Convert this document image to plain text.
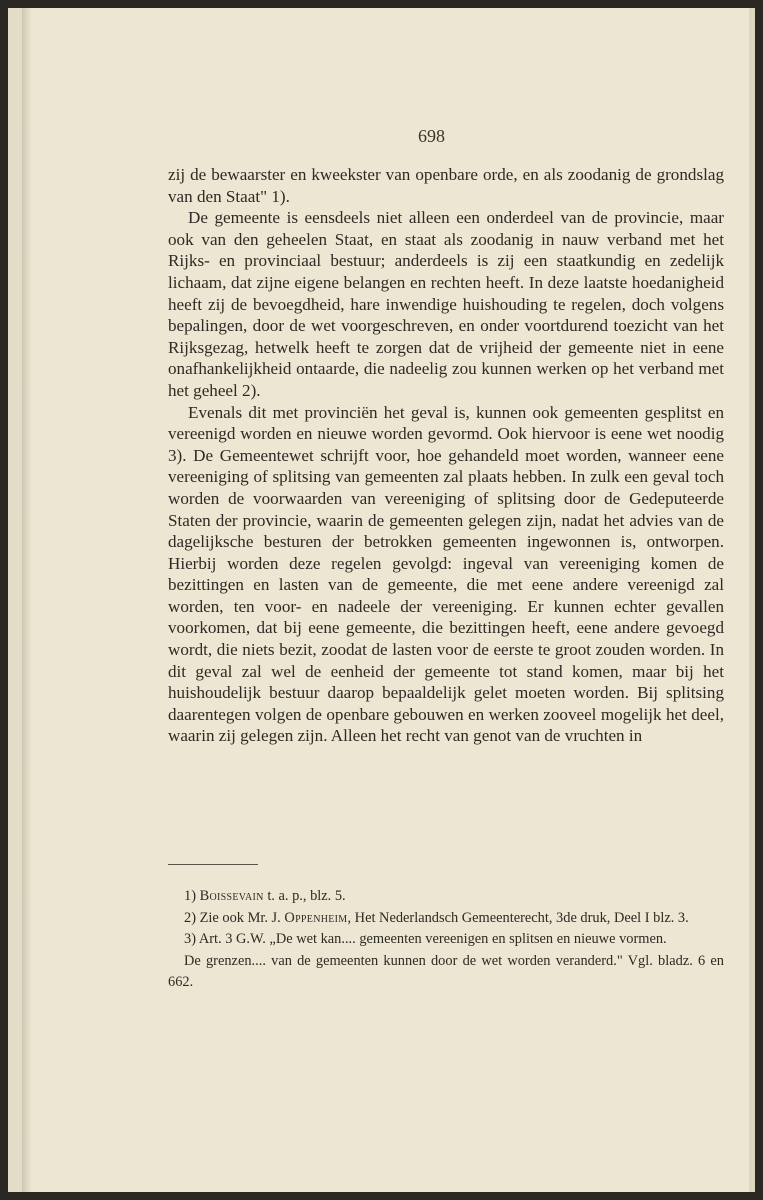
698

zij de bewaarster en kweekster van openbare orde, en als zoodanig de grondslag van den Staat" 1).

De gemeente is eensdeels niet alleen een onderdeel van de provincie, maar ook van den geheelen Staat, en staat als zoodanig in nauw verband met het Rijks- en provinciaal bestuur; anderdeels is zij een staatkundig en zedelijk lichaam, dat zijne eigene belangen en rechten heeft. In deze laatste hoedanigheid heeft zij de bevoegdheid, hare inwendige huishouding te regelen, doch volgens bepalingen, door de wet voorgeschreven, en onder voortdurend toezicht van het Rijksgezag, hetwelk heeft te zorgen dat de vrijheid der gemeente niet in eene onafhankelijkheid ontaarde, die nadeelig zou kunnen werken op het verband met het geheel 2).

Evenals dit met provinciën het geval is, kunnen ook gemeenten gesplitst en vereenigd worden en nieuwe worden gevormd. Ook hiervoor is eene wet noodig 3). De Gemeentewet schrijft voor, hoe gehandeld moet worden, wanneer eene vereeniging of splitsing van gemeenten zal plaats hebben. In zulk een geval toch worden de voorwaarden van vereeniging of splitsing door de Gedeputeerde Staten der provincie, waarin de gemeenten gelegen zijn, nadat het advies van de dagelijksche besturen der betrokken gemeenten ingewonnen is, ontworpen. Hierbij worden deze regelen gevolgd: ingeval van vereeniging komen de bezittingen en lasten van de gemeente, die met eene andere vereenigd zal worden, ten voor- en nadeele der vereeniging. Er kunnen echter gevallen voorkomen, dat bij eene gemeente, die bezittingen heeft, eene andere gevoegd wordt, die niets bezit, zoodat de lasten voor de eerste te groot zouden worden. In dit geval zal wel de eenheid der gemeente tot stand komen, maar bij het huishoudelijk bestuur daarop bepaaldelijk gelet moeten worden. Bij splitsing daarentegen volgen de openbare gebouwen en werken zooveel mogelijk het deel, waarin zij gelegen zijn. Alleen het recht van genot van de vruchten in

1) Boissevain t. a. p., blz. 5.

2) Zie ook Mr. J. Oppenheim, Het Nederlandsch Gemeenterecht, 3de druk, Deel I blz. 3.

3) Art. 3 G.W. „De wet kan.... gemeenten vereenigen en splitsen en nieuwe vormen.

De grenzen.... van de gemeenten kunnen door de wet worden veranderd." Vgl. bladz. 6 en 662.
